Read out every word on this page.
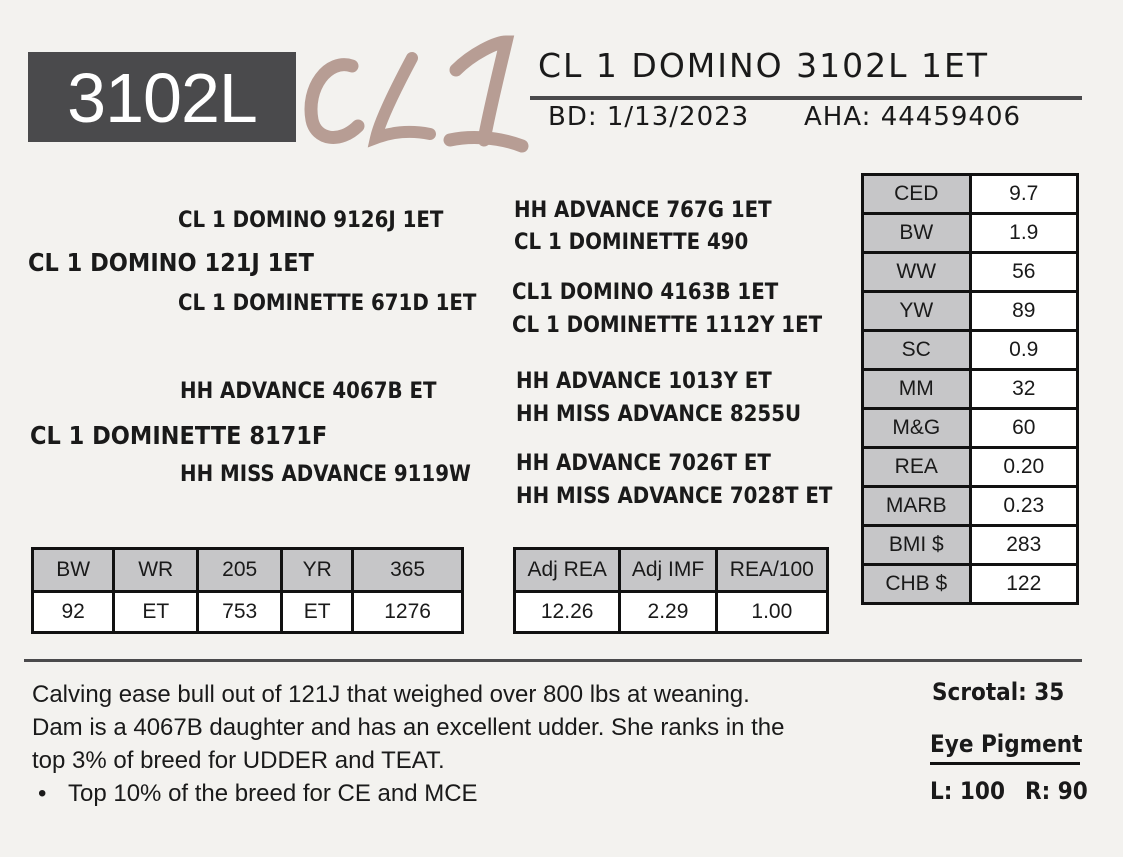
3102L	CL 1 DOMINO 3102L 1ET
BD: 1/13/2023 AHA: 44459406
CL 1 DOMINO 9126J 1ET
CL 1 DOMINO 121J 1ET
CL 1 DOMINETTE 671D 1ET
HH ADVANCE 4067B ET
CL 1 DOMINETTE 8171F
HH MISS ADVANCE 9119W
HH ADVANCE 767G 1ET
CL 1 DOMINETTE 490
CL1 DOMINO 4163B 1ET
CL 1 DOMINETTE 1112Y 1ET
HH ADVANCE 1013Y ET
HH MISS ADVANCE 8255U
HH ADVANCE 7026T ET
HH MISS ADVANCE 7028T ET
CED	9.7
BW	1.9
WW	56
YW	89
SC	0.9
MM	32
M&G	60
REA	0.20
MARB	0.23
BMI $	283
CHB $	122
BW	WR	205	YR	365
92	ET	753	ET	1276
Adj REA	Adj IMF	REA/100
12.26	2.29	1.00
Calving ease bull out of 121J that weighed over 800 lbs at weaning.
Dam is a 4067B daughter and has an excellent udder. She ranks in the
top 3% of breed for UDDER and TEAT.
• Top 10% of the breed for CE and MCE
Scrotal: 35
Eye Pigment
L: 100 R: 90
